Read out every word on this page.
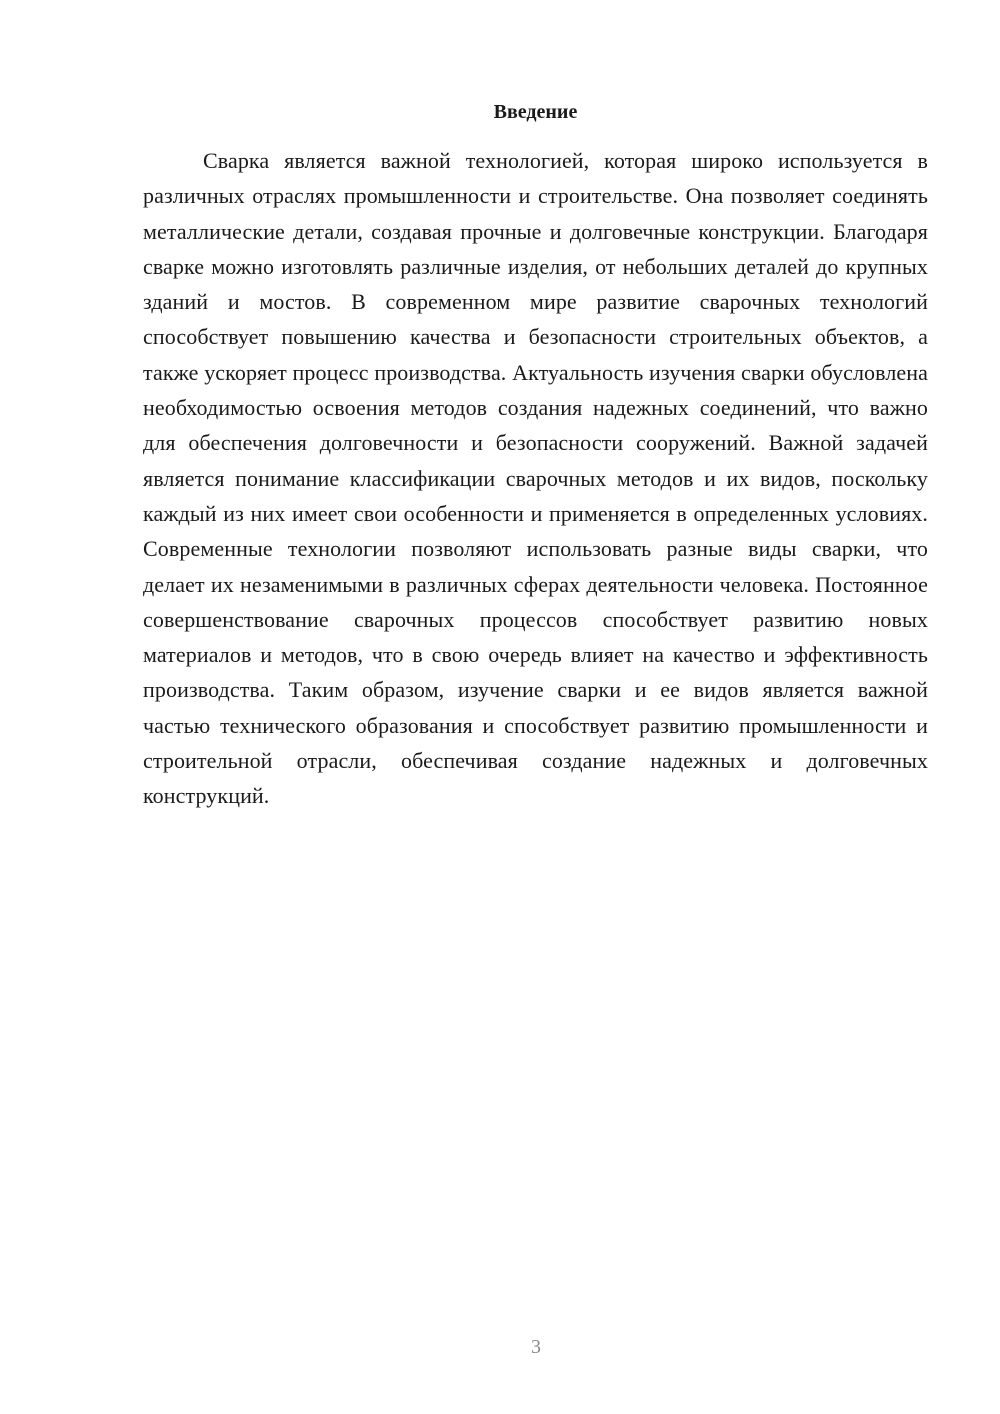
Введение

Сварка является важной технологией, которая широко используется в различных отраслях промышленности и строительстве. Она позволяет соединять металлические детали, создавая прочные и долговечные конструкции. Благодаря сварке можно изготовлять различные изделия, от небольших деталей до крупных зданий и мостов. В современном мире развитие сварочных технологий способствует повышению качества и безопасности строительных объектов, а также ускоряет процесс производства. Актуальность изучения сварки обусловлена необходимостью освоения методов создания надежных соединений, что важно для обеспечения долговечности и безопасности сооружений. Важной задачей является понимание классификации сварочных методов и их видов, поскольку каждый из них имеет свои особенности и применяется в определенных условиях. Современные технологии позволяют использовать разные виды сварки, что делает их незаменимыми в различных сферах деятельности человека. Постоянное совершенствование сварочных процессов способствует развитию новых материалов и методов, что в свою очередь влияет на качество и эффективность производства. Таким образом, изучение сварки и ее видов является важной частью технического образования и способствует развитию промышленности и строительной отрасли, обеспечивая создание надежных и долговечных конструкций.

3
